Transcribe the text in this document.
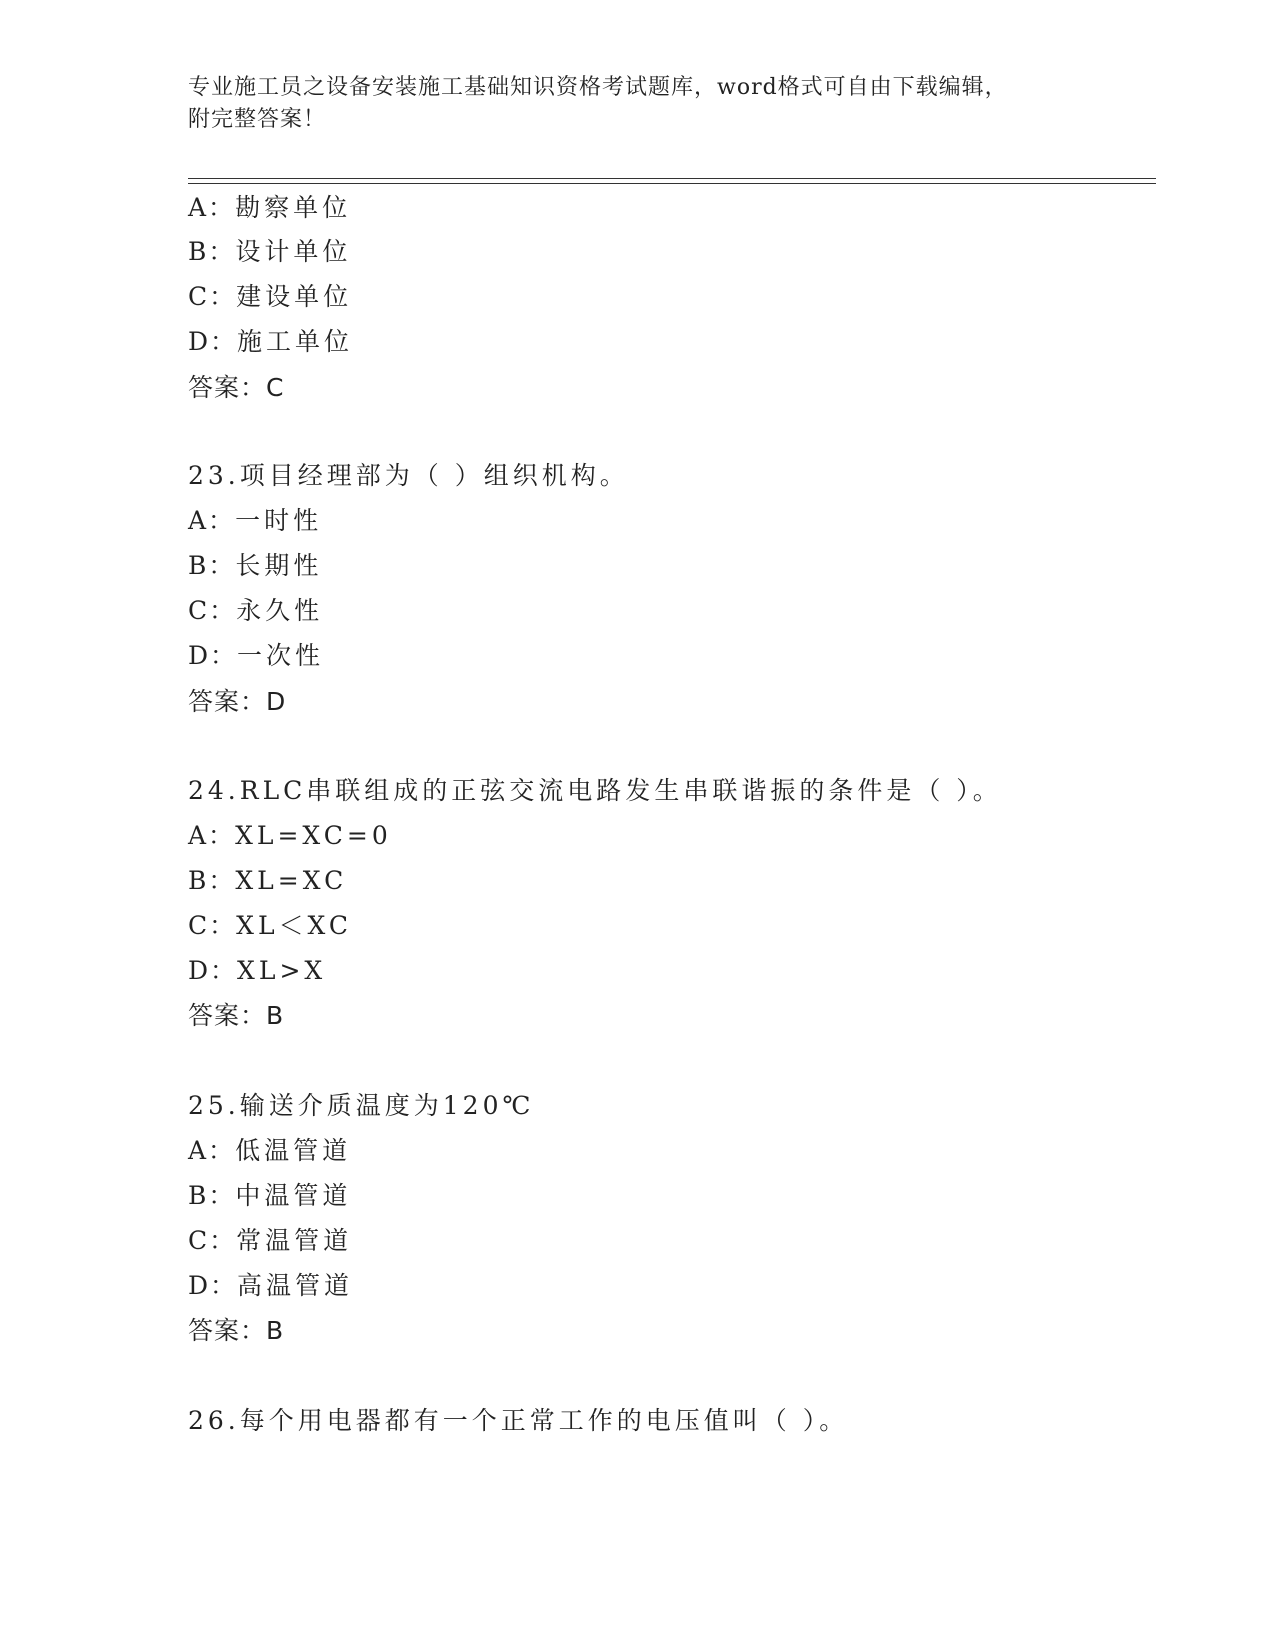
专业施工员之设备安装施工基础知识资格考试题库，word格式可自由下载编辑，
附完整答案！
A：勘察单位
B：设计单位
C：建设单位
D：施工单位
答案：C
23.项目经理部为（ ）组织机构。
A：一时性
B：长期性
C：永久性
D：一次性
答案：D
24.RLC串联组成的正弦交流电路发生串联谐振的条件是（ ）。
A：XL=XC=0
B：XL=XC
C：XL＜XC
D：XL>X
答案：B
25.输送介质温度为120℃
A：低温管道
B：中温管道
C：常温管道
D：高温管道
答案：B
26.每个用电器都有一个正常工作的电压值叫（ ）。
